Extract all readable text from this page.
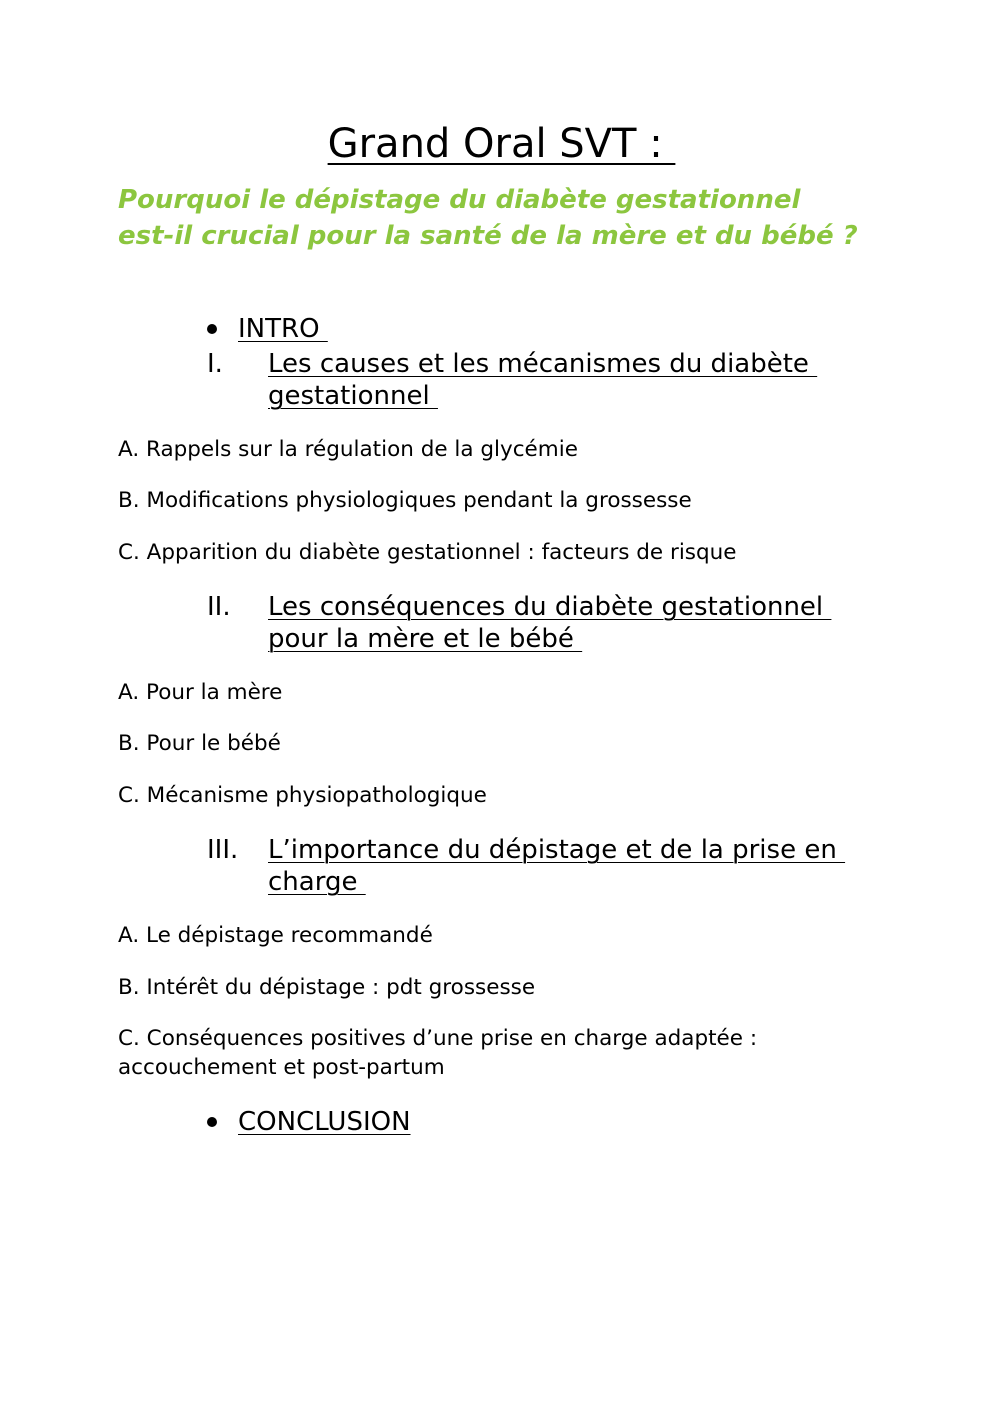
Grand Oral SVT :
Pourquoi le dépistage du diabète gestationnel
est-il crucial pour la santé de la mère et du bébé ?
INTRO
I. Les causes et les mécanismes du diabète
gestationnel
A. Rappels sur la régulation de la glycémie
B. Modifications physiologiques pendant la grossesse
C. Apparition du diabète gestationnel : facteurs de risque
II. Les conséquences du diabète gestationnel
pour la mère et le bébé
A. Pour la mère
B. Pour le bébé
C. Mécanisme physiopathologique
III. L’importance du dépistage et de la prise en
charge
A. Le dépistage recommandé
B. Intérêt du dépistage : pdt grossesse
C. Conséquences positives d’une prise en charge adaptée :
accouchement et post-partum
CONCLUSION
